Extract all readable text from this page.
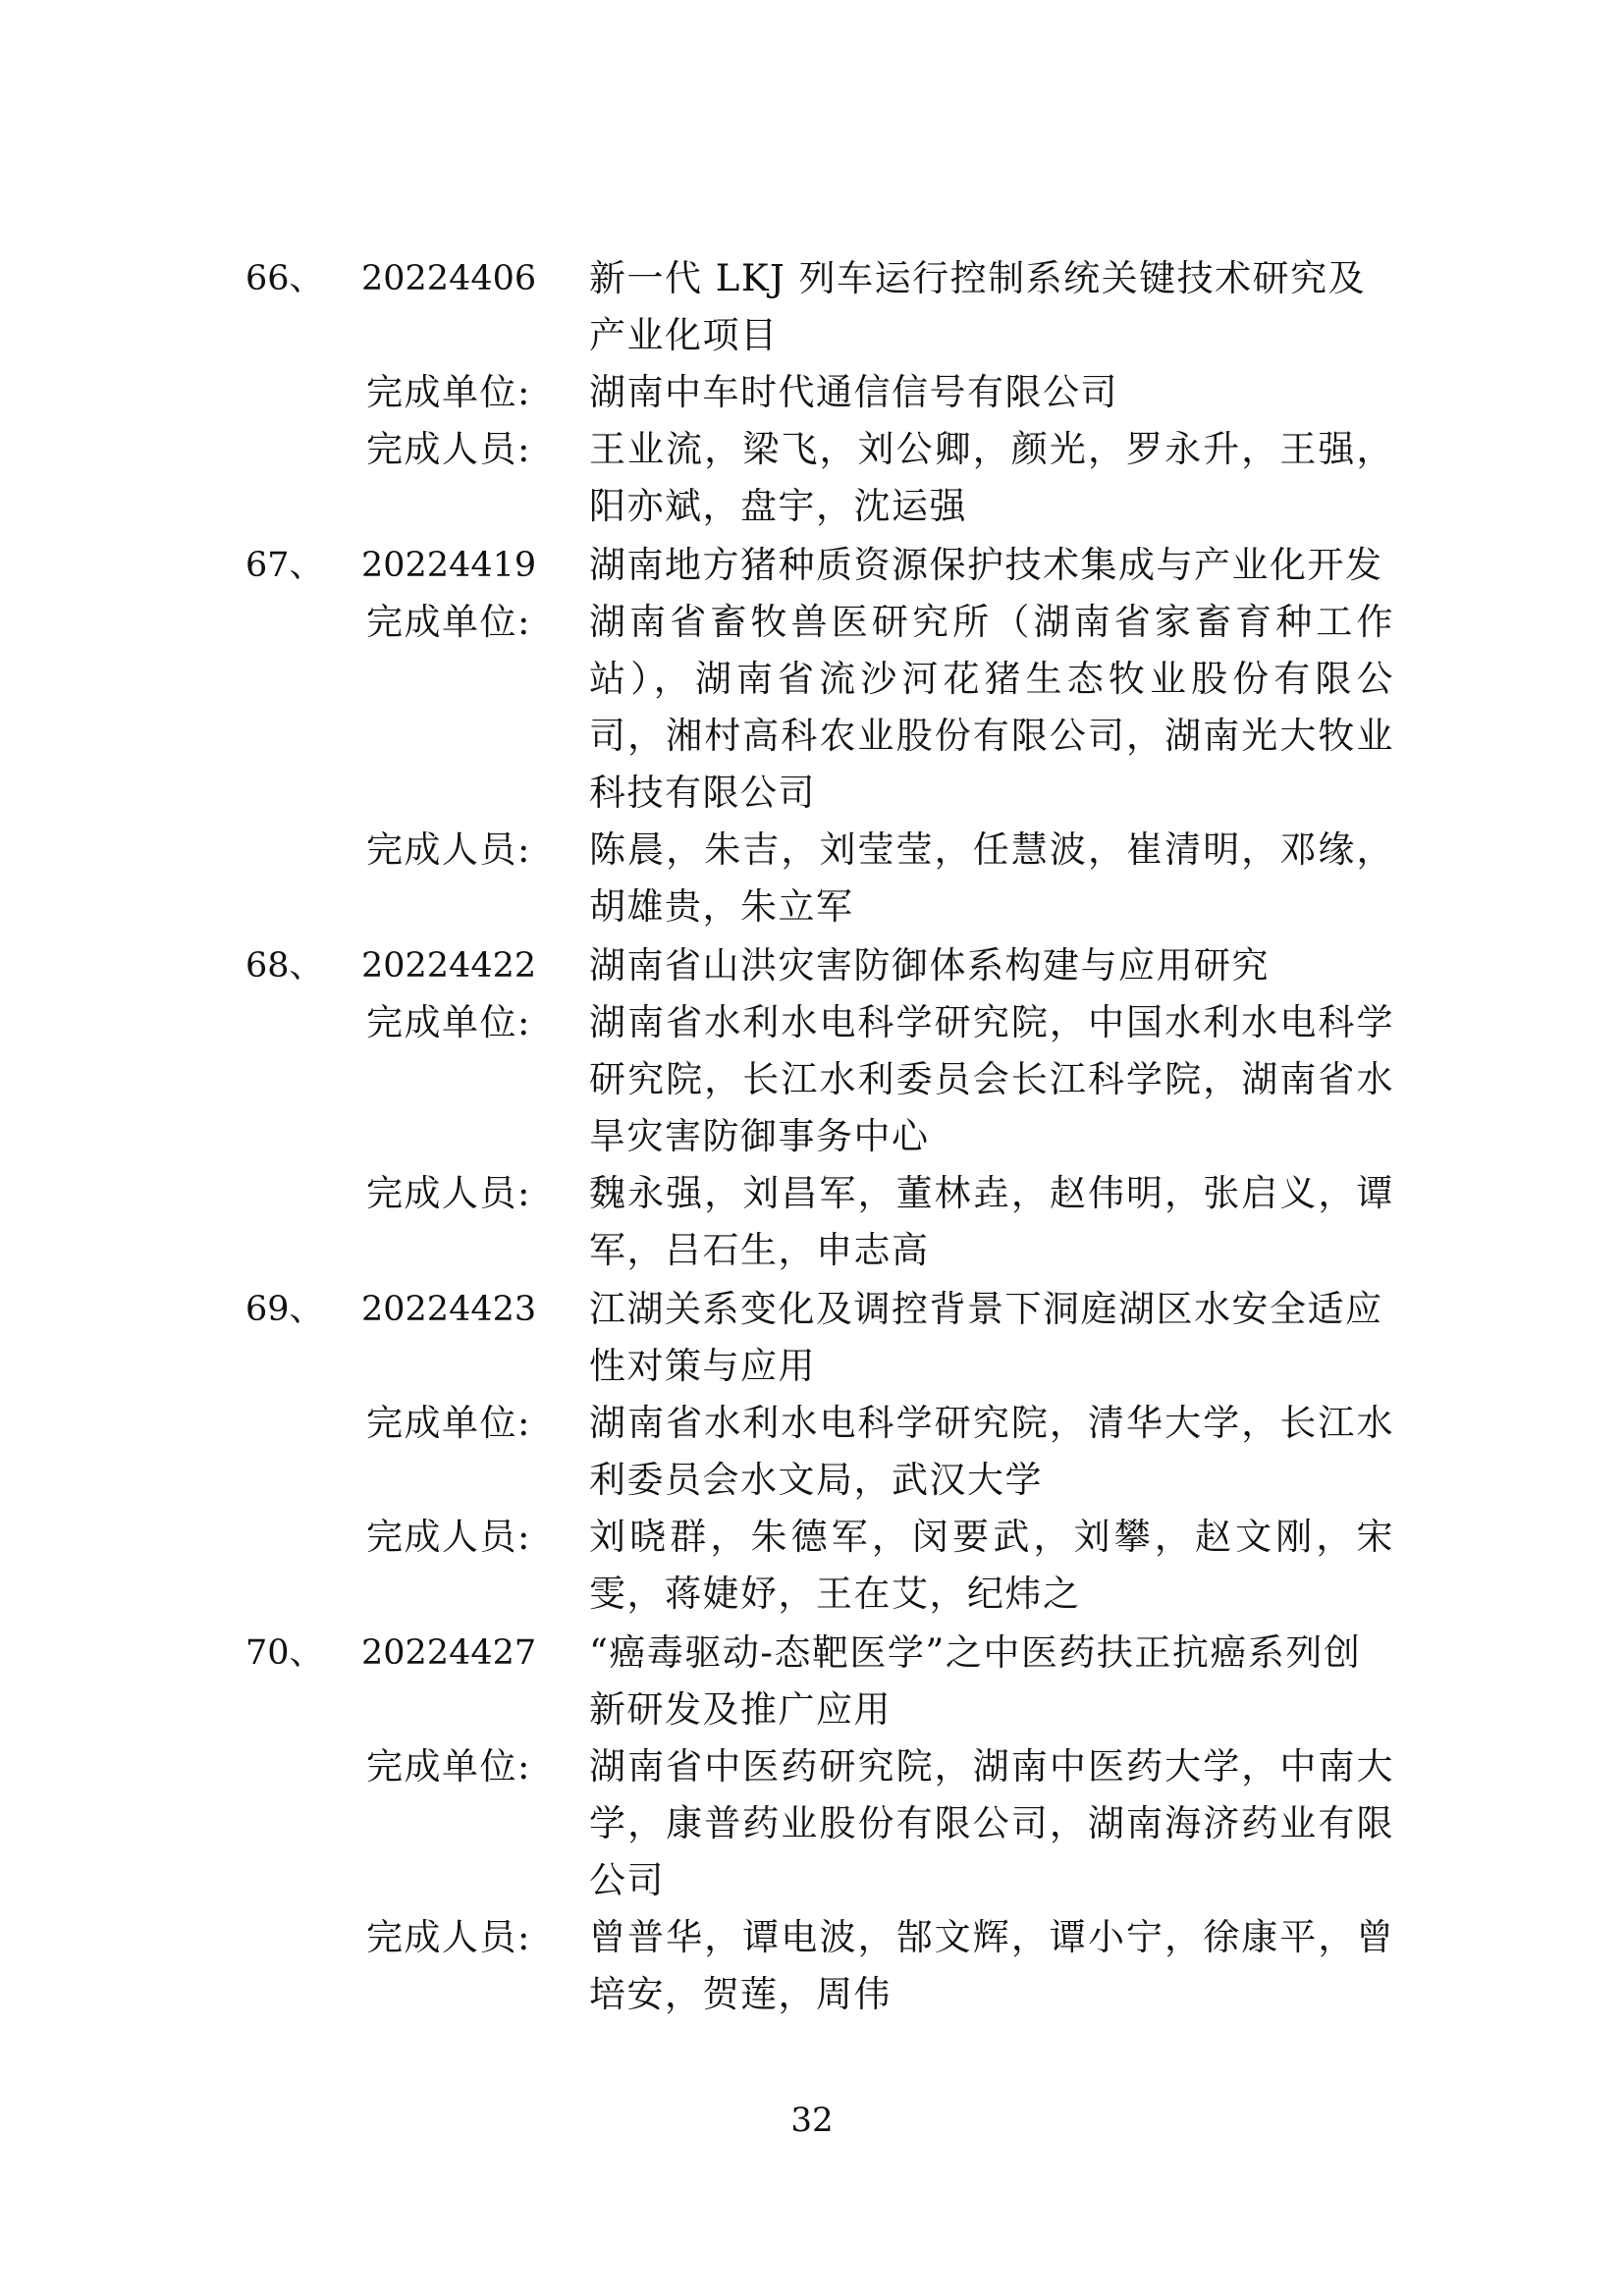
66、 20224406 新一代 LKJ 列车运行控制系统关键技术研究及产业化项目
完成单位: 湖南中车时代通信信号有限公司
完成人员: 王业流，梁飞，刘公卿，颜光，罗永升，王强，阳亦斌，盘宇，沈运强
67、 20224419 湖南地方猪种质资源保护技术集成与产业化开发
完成单位: 湖南省畜牧兽医研究所（湖南省家畜育种工作站），湖南省流沙河花猪生态牧业股份有限公司，湘村高科农业股份有限公司，湖南光大牧业科技有限公司
完成人员: 陈晨，朱吉，刘莹莹，任慧波，崔清明，邓缘，胡雄贵，朱立军
68、 20224422 湖南省山洪灾害防御体系构建与应用研究
完成单位: 湖南省水利水电科学研究院，中国水利水电科学研究院，长江水利委员会长江科学院，湖南省水旱灾害防御事务中心
完成人员: 魏永强，刘昌军，董林垚，赵伟明，张启义，谭军，吕石生，申志高
69、 20224423 江湖关系变化及调控背景下洞庭湖区水安全适应性对策与应用
完成单位: 湖南省水利水电科学研究院，清华大学，长江水利委员会水文局，武汉大学
完成人员: 刘晓群，朱德军，闵要武，刘攀，赵文刚，宋雯，蒋婕妤，王在艾，纪炜之
70、 20224427 “癌毒驱动-态靶医学”之中医药扶正抗癌系列创新研发及推广应用
完成单位: 湖南省中医药研究院，湖南中医药大学，中南大学，康普药业股份有限公司，湖南海济药业有限公司
完成人员: 曾普华，谭电波，郜文辉，谭小宁，徐康平，曾培安，贺莲，周伟
32
